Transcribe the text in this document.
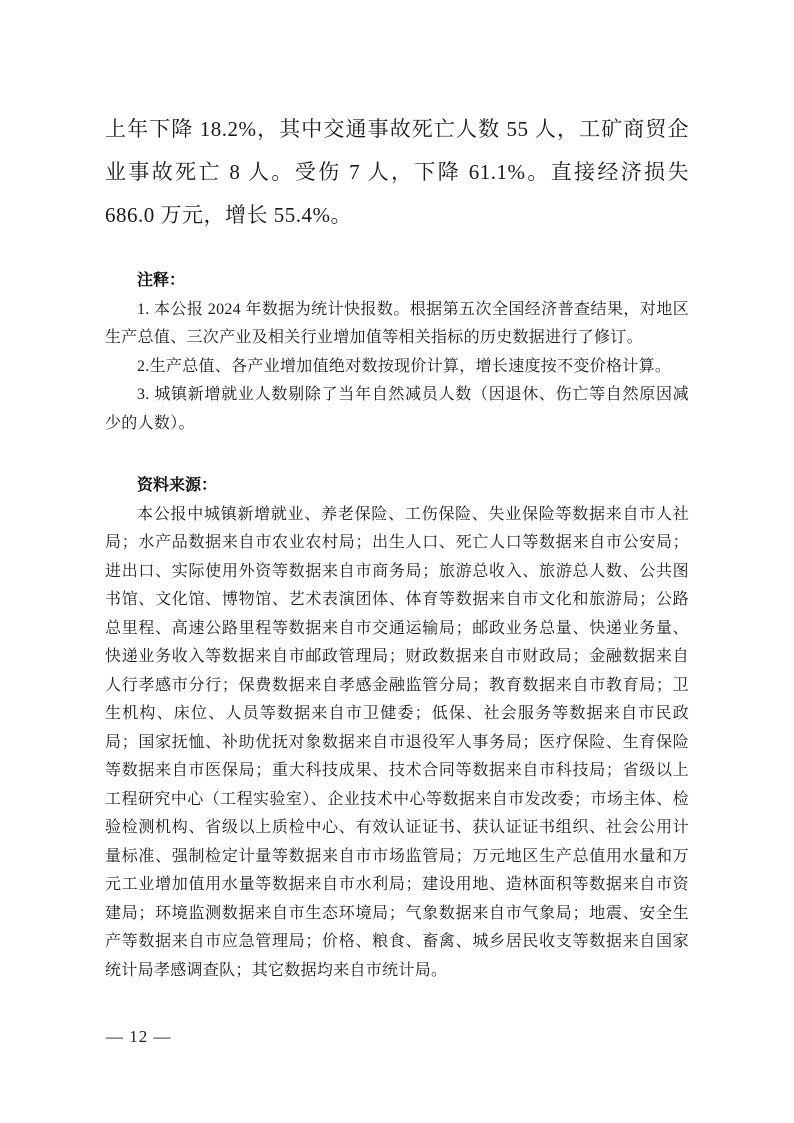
上年下降 18.2%，其中交通事故死亡人数 55 人，工矿商贸企业事故死亡 8 人。受伤 7 人，下降 61.1%。直接经济损失 686.0 万元，增长 55.4%。

注释：

1. 本公报 2024 年数据为统计快报数。根据第五次全国经济普查结果，对地区生产总值、三次产业及相关行业增加值等相关指标的历史数据进行了修订。

2.生产总值、各产业增加值绝对数按现价计算，增长速度按不变价格计算。

3. 城镇新增就业人数剔除了当年自然减员人数（因退休、伤亡等自然原因减少的人数）。

资料来源：

本公报中城镇新增就业、养老保险、工伤保险、失业保险等数据来自市人社局；水产品数据来自市农业农村局；出生人口、死亡人口等数据来自市公安局；进出口、实际使用外资等数据来自市商务局；旅游总收入、旅游总人数、公共图书馆、文化馆、博物馆、艺术表演团体、体育等数据来自市文化和旅游局；公路总里程、高速公路里程等数据来自市交通运输局；邮政业务总量、快递业务量、快递业务收入等数据来自市邮政管理局；财政数据来自市财政局；金融数据来自人行孝感市分行；保费数据来自孝感金融监管分局；教育数据来自市教育局；卫生机构、床位、人员等数据来自市卫健委；低保、社会服务等数据来自市民政局；国家抚恤、补助优抚对象数据来自市退役军人事务局；医疗保险、生育保险等数据来自市医保局；重大科技成果、技术合同等数据来自市科技局；省级以上工程研究中心（工程实验室）、企业技术中心等数据来自市发改委；市场主体、检验检测机构、省级以上质检中心、有效认证证书、获认证证书组织、社会公用计量标准、强制检定计量等数据来自市市场监管局；万元地区生产总值用水量和万元工业增加值用水量等数据来自市水利局；建设用地、造林面积等数据来自市资建局；环境监测数据来自市生态环境局；气象数据来自市气象局；地震、安全生产等数据来自市应急管理局；价格、粮食、畜禽、城乡居民收支等数据来自国家统计局孝感调查队；其它数据均来自市统计局。

— 12 —
